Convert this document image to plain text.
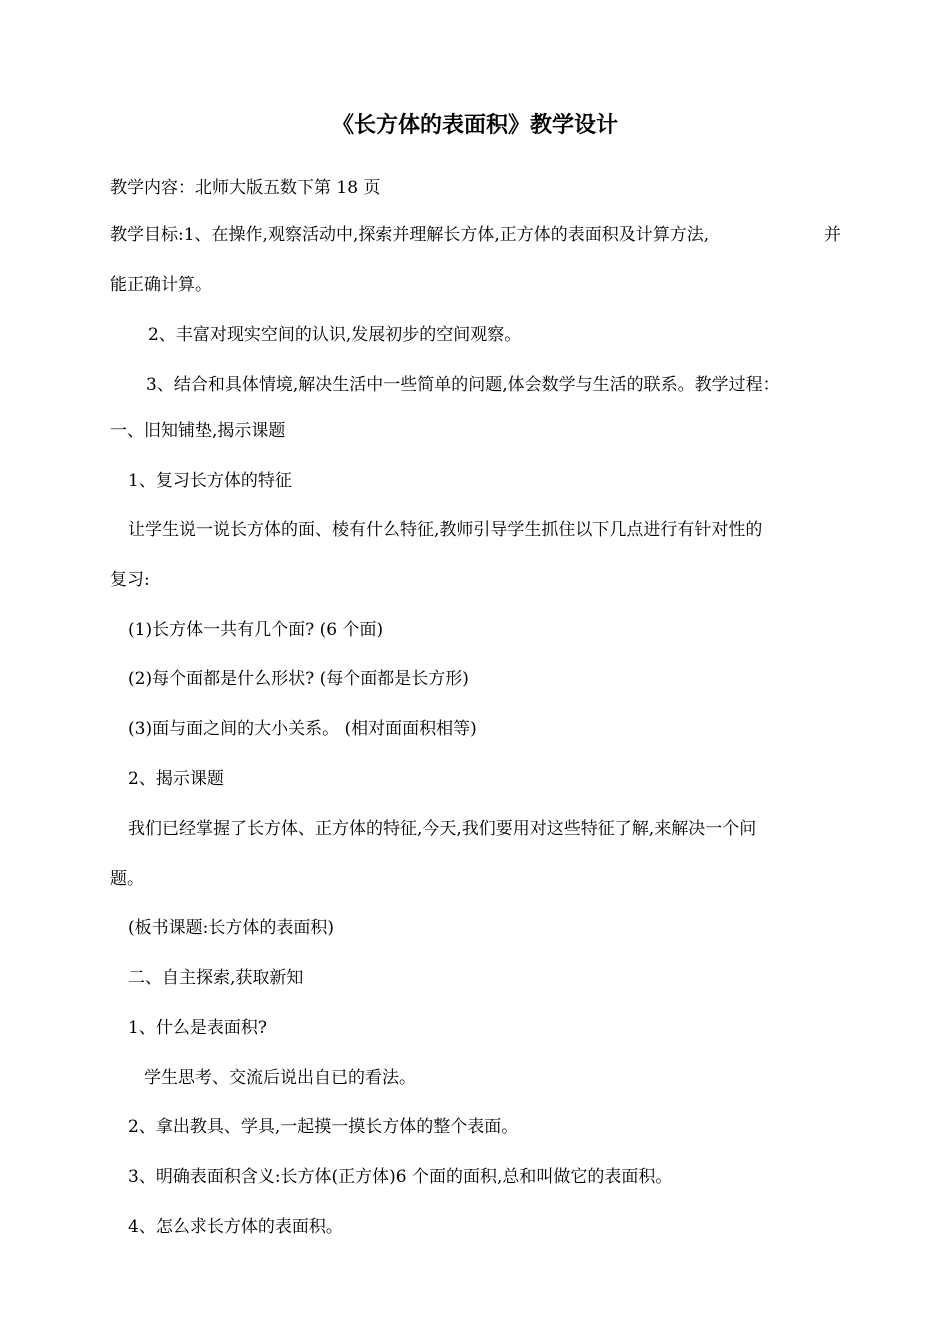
《长方体的表面积》教学设计
教学内容：北师大版五数下第 18 页
教学目标:1、在操作,观察活动中,探索并理解长方体,正方体的表面积及计算方法,	并
能正确计算。
2、丰富对现实空间的认识,发展初步的空间观察。
3、结合和具体情境,解决生活中一些简单的问题,体会数学与生活的联系。教学过程：
一、旧知铺垫,揭示课题
1、复习长方体的特征
让学生说一说长方体的面、棱有什么特征,教师引导学生抓住以下几点进行有针对性的
复习:
(1)长方体一共有几个面? (6 个面)
(2)每个面都是什么形状? (每个面都是长方形)
(3)面与面之间的大小关系。 (相对面面积相等)
2、揭示课题
我们已经掌握了长方体、正方体的特征,今天,我们要用对这些特征了解,来解决一个问
题。
(板书课题:长方体的表面积)
二、自主探索,获取新知
1、什么是表面积?
学生思考、交流后说出自已的看法。
2、拿出教具、学具,一起摸一摸长方体的整个表面。
3、明确表面积含义:长方体(正方体)6 个面的面积,总和叫做它的表面积。
4、怎么求长方体的表面积。
